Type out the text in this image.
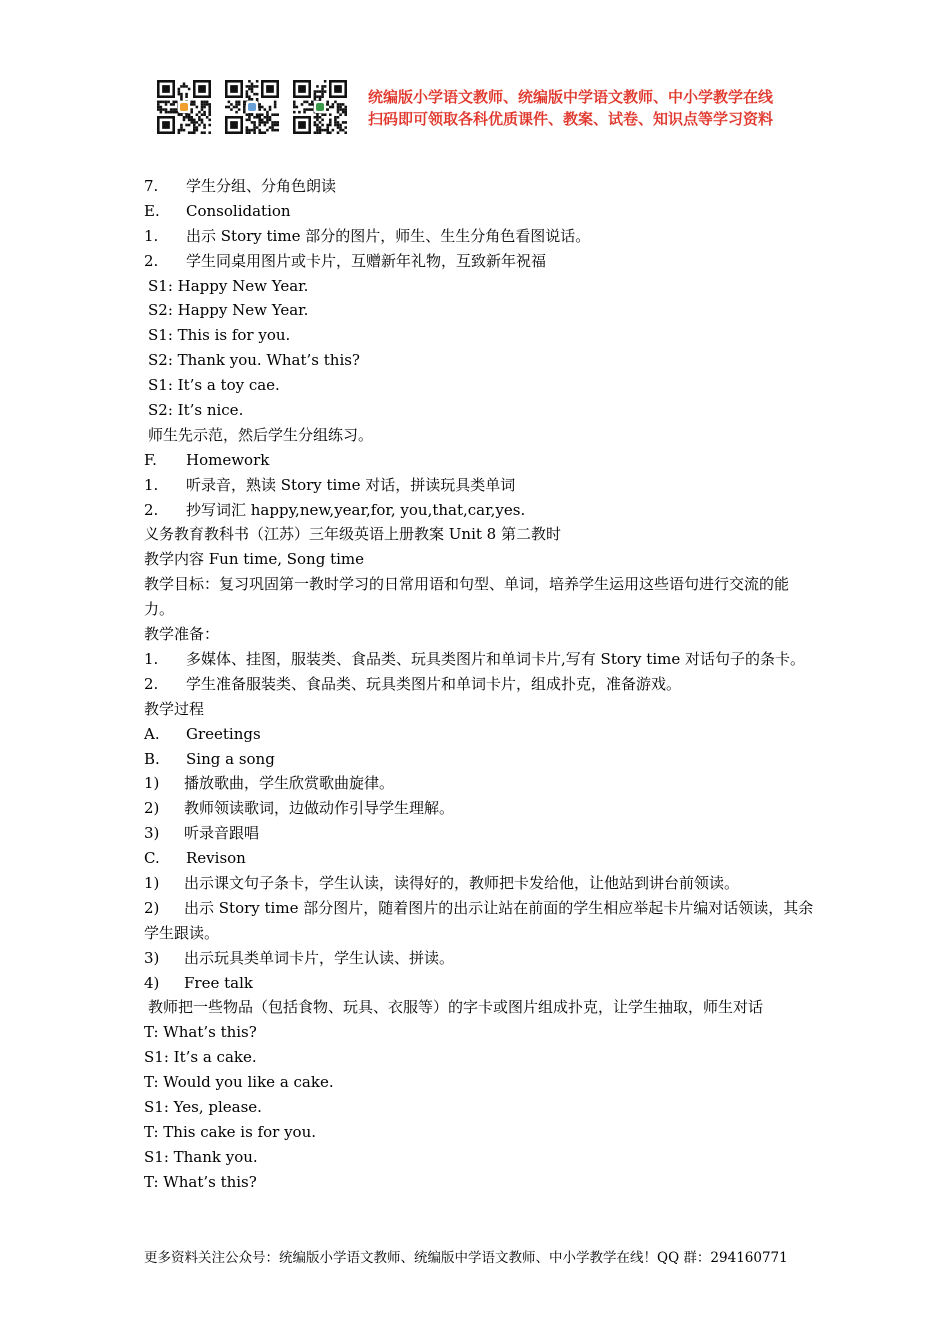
统编版小学语文教师、统编版中学语文教师、中小学教学在线
扫码即可领取各科优质课件、教案、试卷、知识点等学习资料
7. 学生分组、分角色朗读
E. Consolidation
1. 出示 Story time 部分的图片，师生、生生分角色看图说话。
2. 学生同桌用图片或卡片，互赠新年礼物，互致新年祝福
S1: Happy New Year.
S2: Happy New Year.
S1: This is for you.
S2: Thank you. What’s this?
S1: It’s a toy cae.
S2: It’s nice.
师生先示范，然后学生分组练习。
F. Homework
1. 听录音，熟读 Story time 对话，拼读玩具类单词
2. 抄写词汇 happy,new,year,for, you,that,car,yes.
义务教育教科书（江苏）三年级英语上册教案 Unit 8 第二教时
教学内容 Fun time, Song time
教学目标：复习巩固第一教时学习的日常用语和句型、单词，培养学生运用这些语句进行交流的能力。
教学准备：
1. 多媒体、挂图，服装类、食品类、玩具类图片和单词卡片,写有 Story time 对话句子的条卡。
2. 学生准备服装类、食品类、玩具类图片和单词卡片，组成扑克，准备游戏。
教学过程
A. Greetings
B. Sing a song
1) 播放歌曲，学生欣赏歌曲旋律。
2) 教师领读歌词，边做动作引导学生理解。
3) 听录音跟唱
C. Revison
1) 出示课文句子条卡，学生认读，读得好的，教师把卡发给他，让他站到讲台前领读。
2) 出示 Story time 部分图片，随着图片的出示让站在前面的学生相应举起卡片编对话领读，其余学生跟读。
3) 出示玩具类单词卡片，学生认读、拼读。
4) Free talk
教师把一些物品（包括食物、玩具、衣服等）的字卡或图片组成扑克，让学生抽取，师生对话
T: What’s this?
S1: It’s a cake.
T: Would you like a cake.
S1: Yes, please.
T: This cake is for you.
S1: Thank you.
T: What’s this?
更多资料关注公众号：统编版小学语文教师、统编版中学语文教师、中小学教学在线！QQ 群：294160771
